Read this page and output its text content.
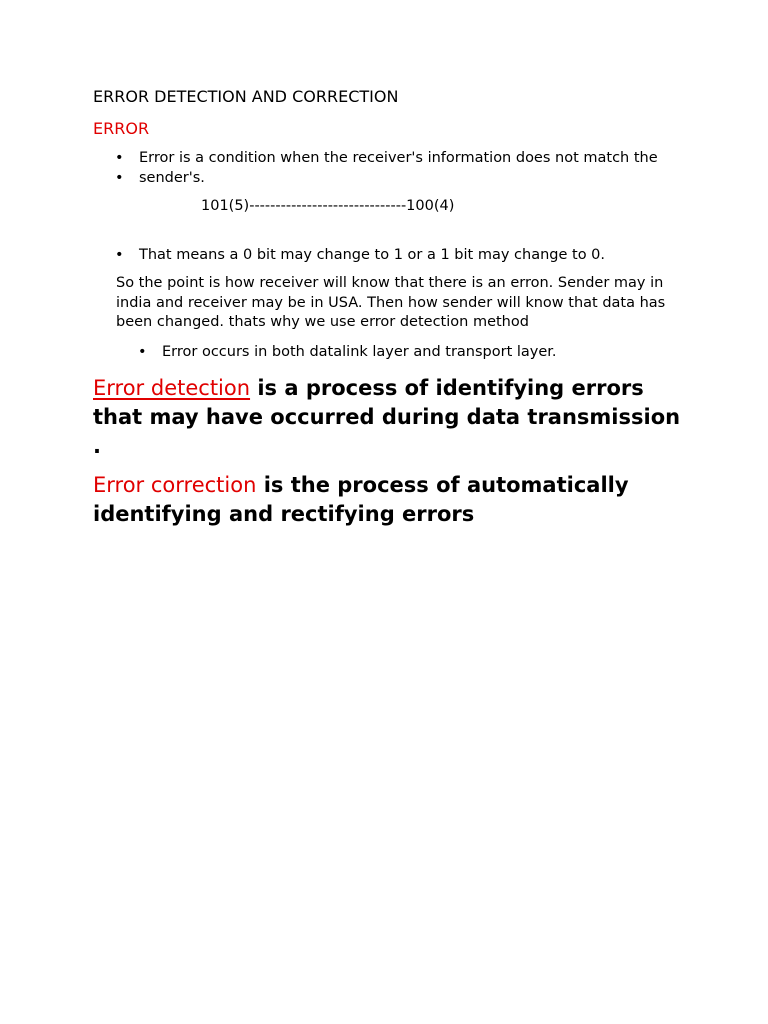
ERROR DETECTION AND CORRECTION
ERROR
• Error is a condition when the receiver's information does not match the
• sender's.
101(5)------------------------------100(4)
• That means a 0 bit may change to 1 or a 1 bit may change to 0.
So the point is how receiver will know that there is an erron. Sender may in india and receiver may be in USA. Then how sender will know that data has been changed. thats why we use error detection method
• Error occurs in both datalink layer and transport layer.
Error detection is a process of identifying errors that may have occurred during data transmission .
Error correction is the process of automatically identifying and rectifying errors
